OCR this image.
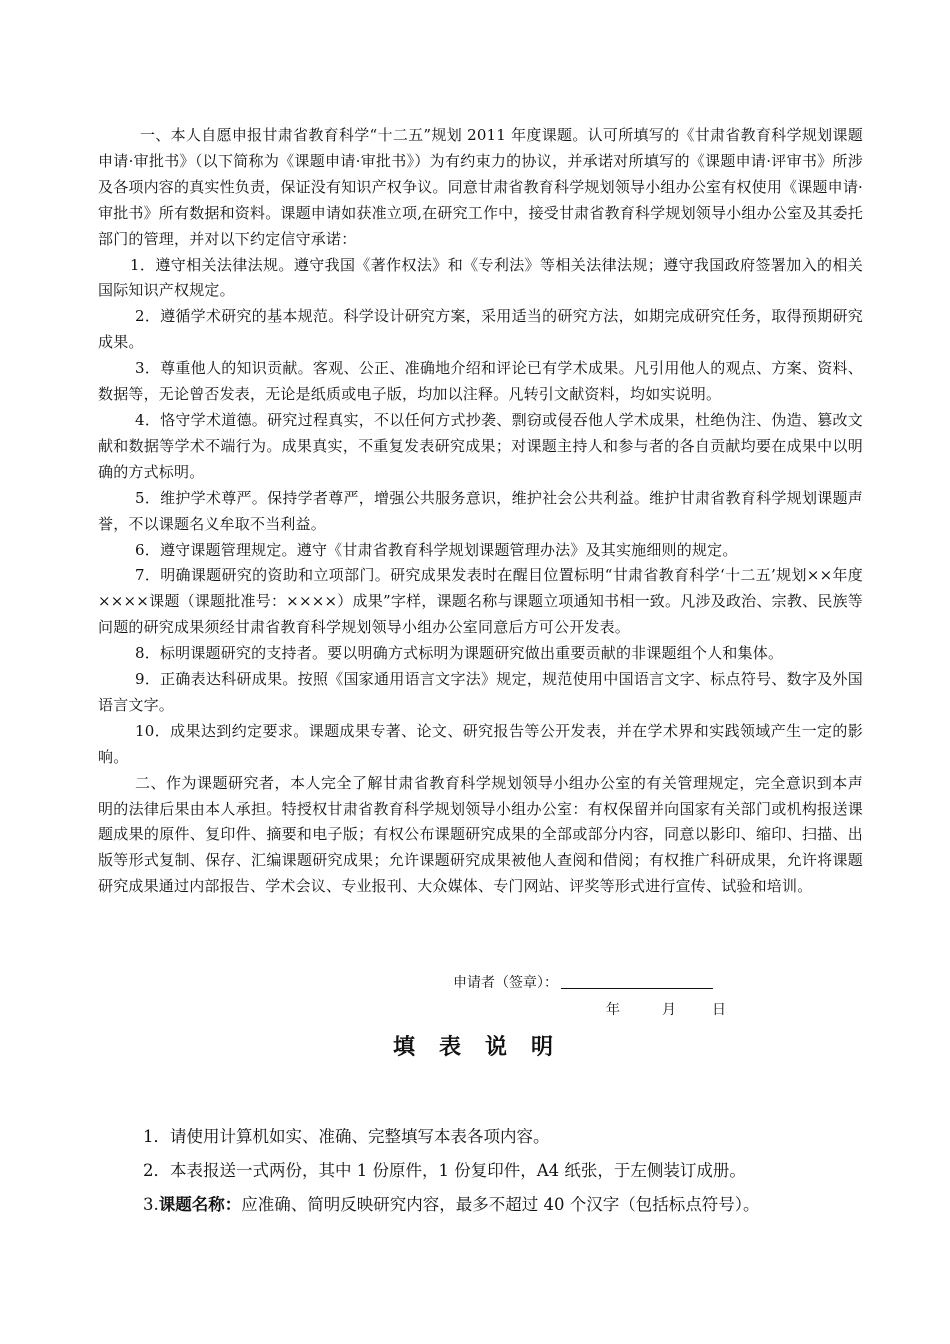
一、本人自愿申报甘肃省教育科学“十二五”规划 2011 年度课题。认可所填写的《甘肃省教育科学规划课题申请·审批书》（以下简称为《课题申请·审批书》）为有约束力的协议，并承诺对所填写的《课题申请·评审书》所涉及各项内容的真实性负责，保证没有知识产权争议。同意甘肃省教育科学规划领导小组办公室有权使用《课题申请·审批书》所有数据和资料。课题申请如获准立项,在研究工作中，接受甘肃省教育科学规划领导小组办公室及其委托部门的管理，并对以下约定信守承诺：

1．遵守相关法律法规。遵守我国《著作权法》和《专利法》等相关法律法规；遵守我国政府签署加入的相关国际知识产权规定。

2．遵循学术研究的基本规范。科学设计研究方案，采用适当的研究方法，如期完成研究任务，取得预期研究成果。

3．尊重他人的知识贡献。客观、公正、准确地介绍和评论已有学术成果。凡引用他人的观点、方案、资料、数据等，无论曾否发表，无论是纸质或电子版，均加以注释。凡转引文献资料，均如实说明。

4．恪守学术道德。研究过程真实，不以任何方式抄袭、剽窃或侵吞他人学术成果，杜绝伪注、伪造、篡改文献和数据等学术不端行为。成果真实，不重复发表研究成果；对课题主持人和参与者的各自贡献均要在成果中以明确的方式标明。

5．维护学术尊严。保持学者尊严，增强公共服务意识，维护社会公共利益。维护甘肃省教育科学规划课题声誉，不以课题名义牟取不当利益。

6．遵守课题管理规定。遵守《甘肃省教育科学规划课题管理办法》及其实施细则的规定。

7．明确课题研究的资助和立项部门。研究成果发表时在醒目位置标明“甘肃省教育科学‘十二五’规划××年度××××课题（课题批准号：××××）成果”字样，课题名称与课题立项通知书相一致。凡涉及政治、宗教、民族等问题的研究成果须经甘肃省教育科学规划领导小组办公室同意后方可公开发表。

8．标明课题研究的支持者。要以明确方式标明为课题研究做出重要贡献的非课题组个人和集体。

9．正确表达科研成果。按照《国家通用语言文字法》规定，规范使用中国语言文字、标点符号、数字及外国语言文字。

10．成果达到约定要求。课题成果专著、论文、研究报告等公开发表，并在学术界和实践领域产生一定的影响。

二、作为课题研究者，本人完全了解甘肃省教育科学规划领导小组办公室的有关管理规定，完全意识到本声明的法律后果由本人承担。特授权甘肃省教育科学规划领导小组办公室：有权保留并向国家有关部门或机构报送课题成果的原件、复印件、摘要和电子版；有权公布课题研究成果的全部或部分内容，同意以影印、缩印、扫描、出版等形式复制、保存、汇编课题研究成果；允许课题研究成果被他人查阅和借阅；有权推广科研成果，允许将课题研究成果通过内部报告、学术会议、专业报刊、大众媒体、专门网站、评奖等形式进行宣传、试验和培训。

申请者（签章）：
年	月	日
填表说明

1．请使用计算机如实、准确、完整填写本表各项内容。

2．本表报送一式两份，其中 1 份原件，1 份复印件，A4 纸张，于左侧装订成册。

3.课题名称：应准确、简明反映研究内容，最多不超过 40 个汉字（包括标点符号）。
